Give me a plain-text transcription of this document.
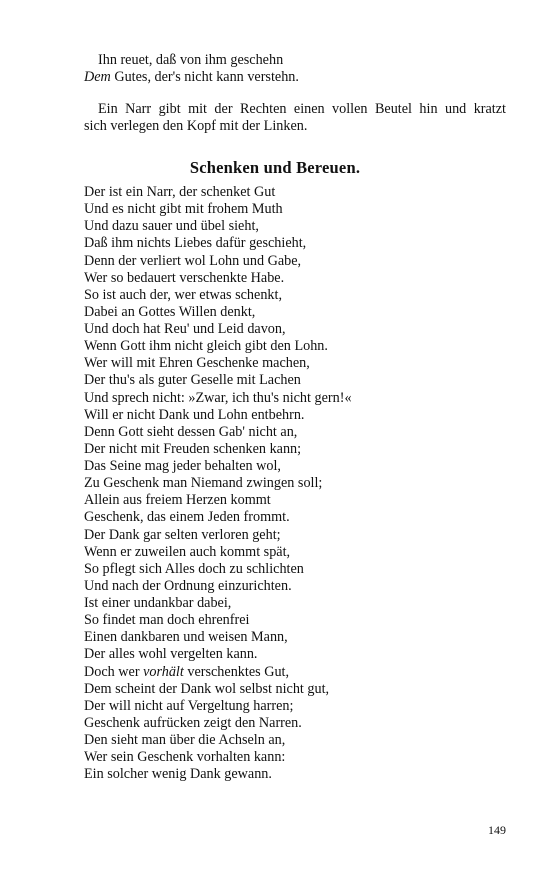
Ihn reuet, daß von ihm geschehn
Dem Gutes, der's nicht kann verstehn.
Ein Narr gibt mit der Rechten einen vollen Beutel hin und kratzt
sich verlegen den Kopf mit der Linken.
Schenken und Bereuen.
Der ist ein Narr, der schenket Gut
Und es nicht gibt mit frohem Muth
Und dazu sauer und übel sieht,
Daß ihm nichts Liebes dafür geschieht,
Denn der verliert wol Lohn und Gabe,
Wer so bedauert verschenkte Habe.
So ist auch der, wer etwas schenkt,
Dabei an Gottes Willen denkt,
Und doch hat Reu' und Leid davon,
Wenn Gott ihm nicht gleich gibt den Lohn.
Wer will mit Ehren Geschenke machen,
Der thu's als guter Geselle mit Lachen
Und sprech nicht: »Zwar, ich thu's nicht gern!«
Will er nicht Dank und Lohn entbehrn.
Denn Gott sieht dessen Gab' nicht an,
Der nicht mit Freuden schenken kann;
Das Seine mag jeder behalten wol,
Zu Geschenk man Niemand zwingen soll;
Allein aus freiem Herzen kommt
Geschenk, das einem Jeden frommt.
Der Dank gar selten verloren geht;
Wenn er zuweilen auch kommt spät,
So pflegt sich Alles doch zu schlichten
Und nach der Ordnung einzurichten.
Ist einer undankbar dabei,
So findet man doch ehrenfrei
Einen dankbaren und weisen Mann,
Der alles wohl vergelten kann.
Doch wer vorhält verschenktes Gut,
Dem scheint der Dank wol selbst nicht gut,
Der will nicht auf Vergeltung harren;
Geschenk aufrücken zeigt den Narren.
Den sieht man über die Achseln an,
Wer sein Geschenk vorhalten kann:
Ein solcher wenig Dank gewann.
149
